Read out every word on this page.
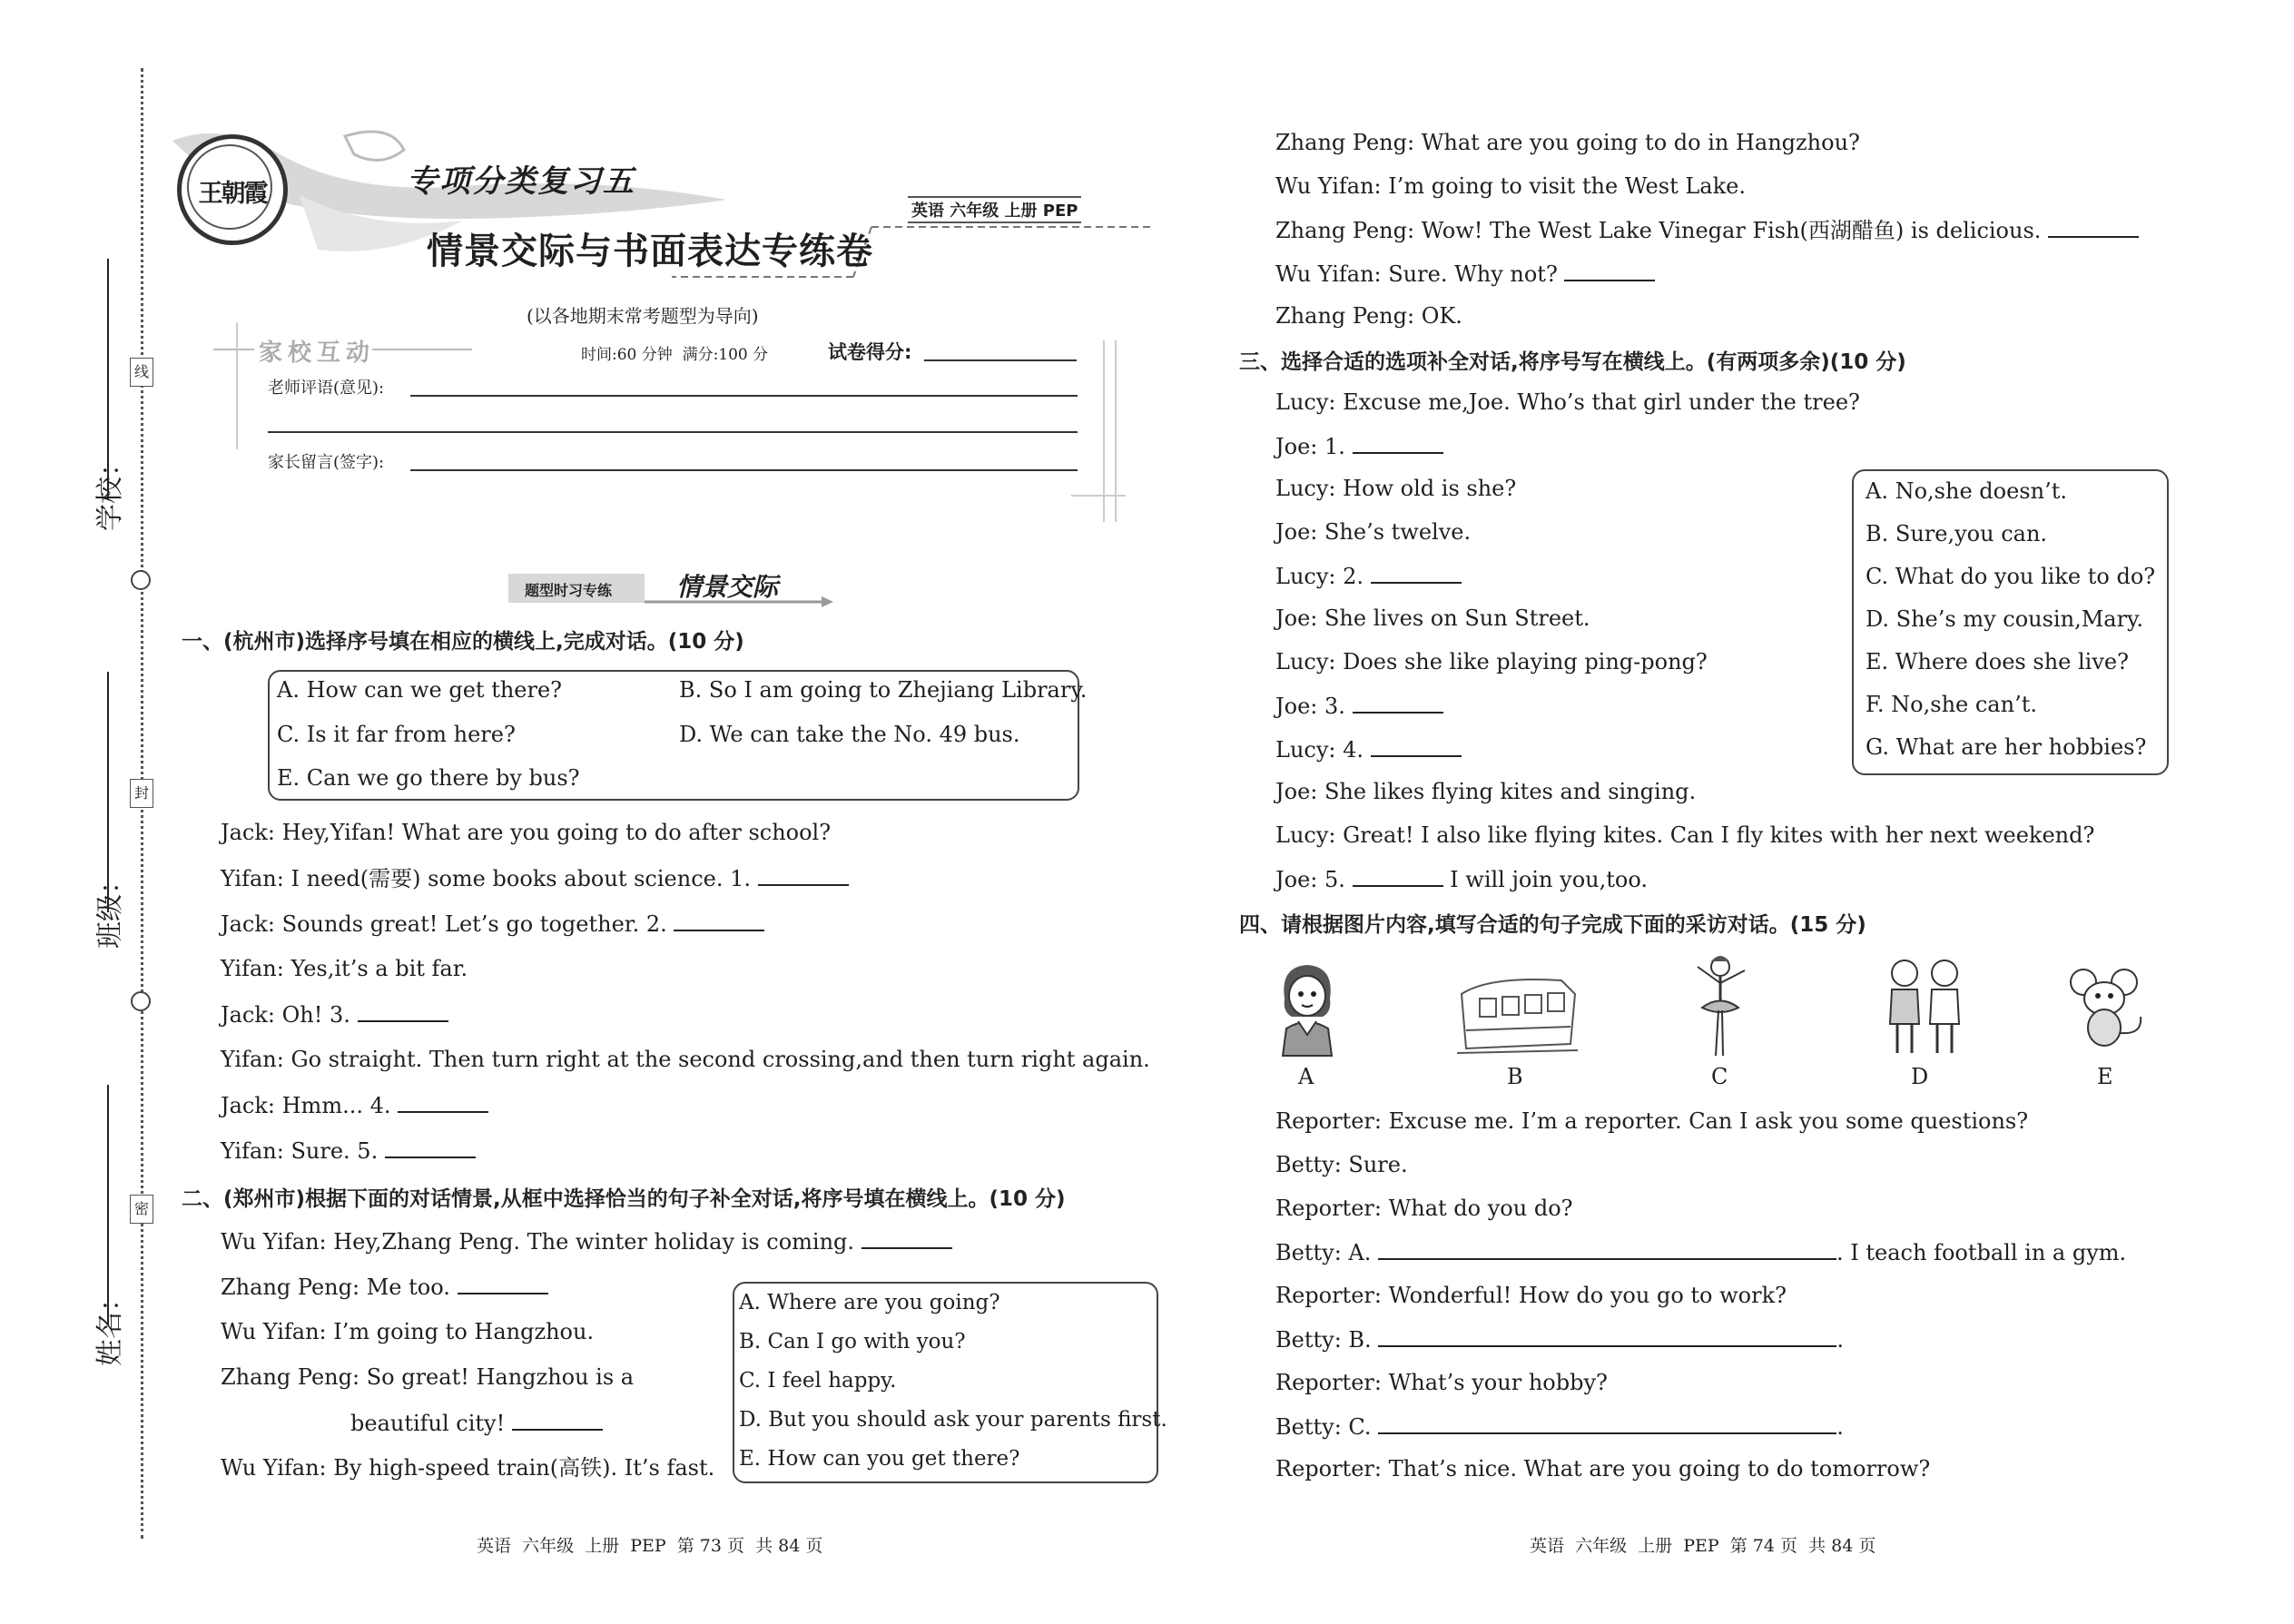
线
封
密
学校：
班级：
姓名：
王朝霞	专项分类复习五
英语 六年级 上册 PEP
情景交际与书面表达专练卷
(以各地期末常考题型为导向)
家校互动	时间:60 分钟  满分:100 分	试卷得分:
老师评语(意见):
家长留言(签字):
题型时习专练	情景交际
一、(杭州市)选择序号填在相应的横线上,完成对话。(10 分)
A. How can we get there?	B. So I am going to Zhejiang Library.
C. Is it far from here?	D. We can take the No. 49 bus.
E. Can we go there by bus?
Jack: Hey,Yifan! What are you going to do after school?
Yifan: I need(需要) some books about science. 1.
Jack: Sounds great! Let’s go together. 2.
Yifan: Yes,it’s a bit far.
Jack: Oh! 3.
Yifan: Go straight. Then turn right at the second crossing,and then turn right again.
Jack: Hmm... 4.
Yifan: Sure. 5.
二、(郑州市)根据下面的对话情景,从框中选择恰当的句子补全对话,将序号填在横线上。(10 分)
Wu Yifan: Hey,Zhang Peng. The winter holiday is coming.
Zhang Peng: Me too.
Wu Yifan: I’m going to Hangzhou.
Zhang Peng: So great! Hangzhou is a
beautiful city!
Wu Yifan: By high-speed train(高铁). It’s fast.
A. Where are you going?
B. Can I go with you?
C. I feel happy.
D. But you should ask your parents first.
E. How can you get there?
英语  六年级  上册  PEP  第 73 页  共 84 页
Zhang Peng: What are you going to do in Hangzhou?
Wu Yifan: I’m going to visit the West Lake.
Zhang Peng: Wow! The West Lake Vinegar Fish(西湖醋鱼) is delicious.
Wu Yifan: Sure. Why not?
Zhang Peng: OK.
三、选择合适的选项补全对话,将序号写在横线上。(有两项多余)(10 分)
Lucy: Excuse me,Joe. Who’s that girl under the tree?
Joe: 1.
Lucy: How old is she?
Joe: She’s twelve.
Lucy: 2.
Joe: She lives on Sun Street.
Lucy: Does she like playing ping-pong?
Joe: 3.
Lucy: 4.
Joe: She likes flying kites and singing.
Lucy: Great! I also like flying kites. Can I fly kites with her next weekend?
Joe: 5.	I will join you,too.
A. No,she doesn’t.
B. Sure,you can.
C. What do you like to do?
D. She’s my cousin,Mary.
E. Where does she live?
F. No,she can’t.
G. What are her hobbies?
四、请根据图片内容,填写合适的句子完成下面的采访对话。(15 分)
A	B	C	D	E
Reporter: Excuse me. I’m a reporter. Can I ask you some questions?
Betty: Sure.
Reporter: What do you do?
Betty: A.	. I teach football in a gym.
Reporter: Wonderful! How do you go to work?
Betty: B.	.
Reporter: What’s your hobby?
Betty: C.	.
Reporter: That’s nice. What are you going to do tomorrow?
英语  六年级  上册  PEP  第 74 页  共 84 页
